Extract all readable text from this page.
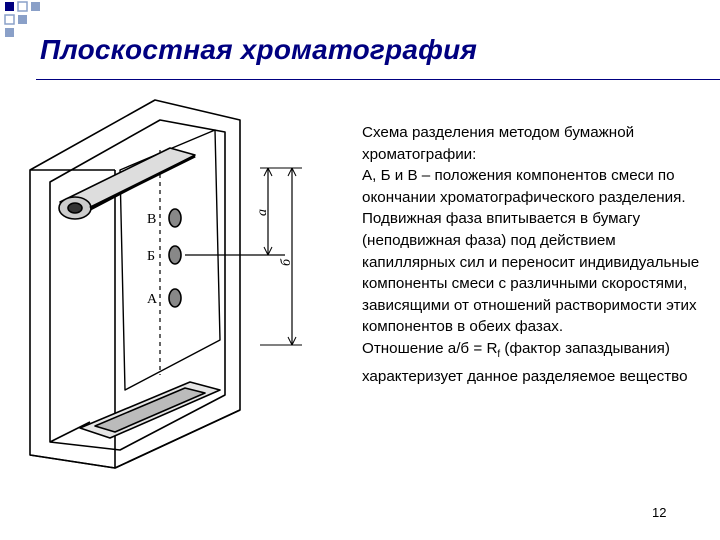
Плоскостная хроматография
В
Б
А
а
б

Схема разделения методом бумажной хроматографии:

А, Б и В – положения компонентов смеси по окончании хроматографического разделения.

Подвижная фаза впитывается в бумагу (неподвижная фаза) под действием капиллярных сил и переносит индивидуальные компоненты смеси с различными скоростями, зависящими от отношений растворимости этих компонентов в обеих фазах.

Отношение $а/б = R_f$ (фактор запаздывания) характеризует данное разделяемое вещество

12
